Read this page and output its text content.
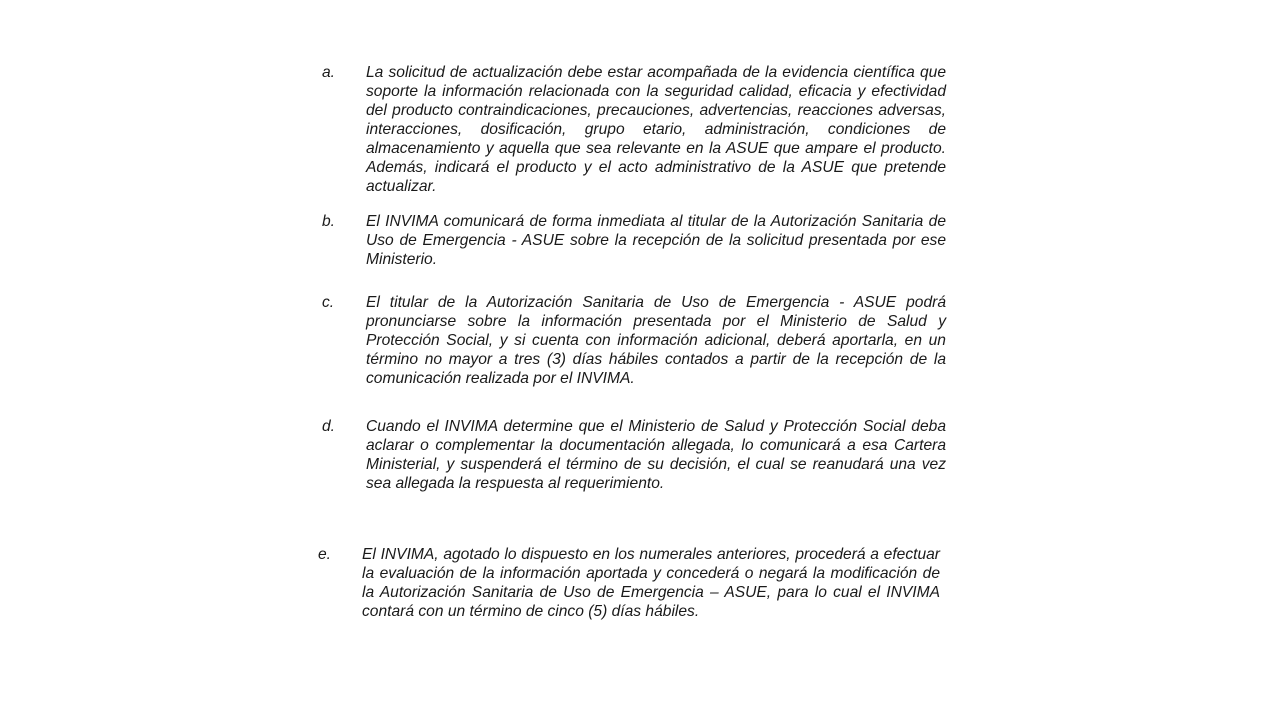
a.	La solicitud de actualización debe estar acompañada de la evidencia científica que soporte la información relacionada con la seguridad calidad, eficacia y efectividad del producto contraindicaciones, precauciones, advertencias, reacciones adversas, interacciones, dosificación, grupo etario, administración, condiciones de almacenamiento y aquella que sea relevante en la ASUE que ampare el producto. Además, indicará el producto y el acto administrativo de la ASUE que pretende actualizar.
b.	El INVIMA comunicará de forma inmediata al titular de la Autorización Sanitaria de Uso de Emergencia - ASUE sobre la recepción de la solicitud presentada por ese Ministerio.
c.	El titular de la Autorización Sanitaria de Uso de Emergencia - ASUE podrá pronunciarse sobre la información presentada por el Ministerio de Salud y Protección Social, y si cuenta con información adicional, deberá aportarla, en un término no mayor a tres (3) días hábiles contados a partir de la recepción de la comunicación realizada por el INVIMA.
d.	Cuando el INVIMA determine que el Ministerio de Salud y Protección Social deba aclarar o complementar la documentación allegada, lo comunicará a esa Cartera Ministerial, y suspenderá el término de su decisión, el cual se reanudará una vez sea allegada la respuesta al requerimiento.
e.	El INVIMA, agotado lo dispuesto en los numerales anteriores, procederá a efectuar la evaluación de la información aportada y concederá o negará la modificación de la Autorización Sanitaria de Uso de Emergencia – ASUE, para lo cual el INVIMA contará con un término de cinco (5) días hábiles.
